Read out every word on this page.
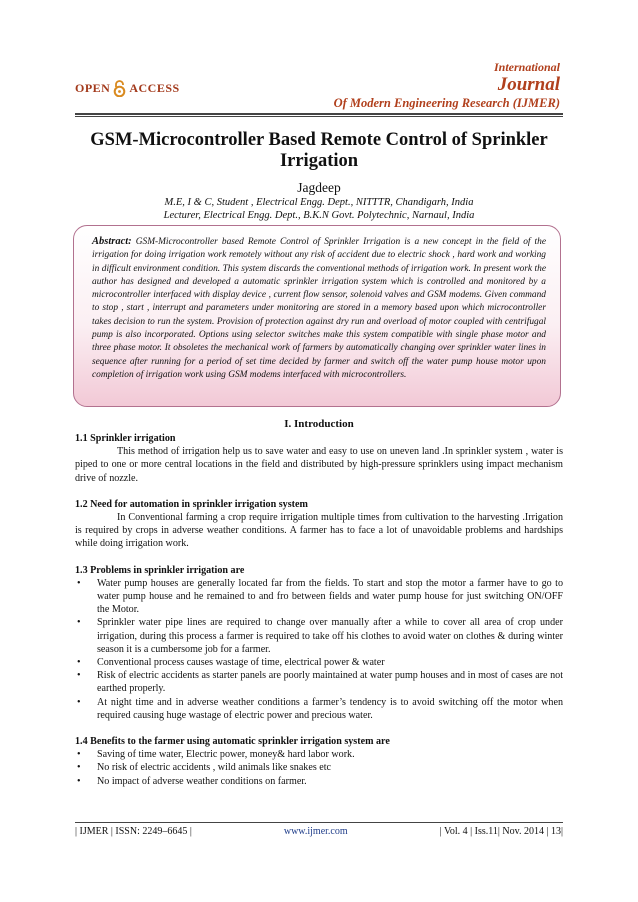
OPEN ACCESS
International
Journal
Of Modern Engineering Research (IJMER)
GSM-Microcontroller Based Remote Control of Sprinkler Irrigation
Jagdeep
M.E, I & C, Student , Electrical Engg. Dept., NITTTR, Chandigarh, India
Lecturer, Electrical Engg. Dept., B.K.N Govt. Polytechnic, Narnaul, India
Abstract: GSM-Microcontroller based Remote Control of Sprinkler Irrigation is a new concept in the field of the irrigation for doing irrigation work remotely without any risk of accident due to electric shock , hard work and working in difficult environment condition. This system discards the conventional methods of irrigation work. In present work the author has designed and developed a automatic sprinkler irrigation system which is controlled and monitored by a microcontroller interfaced with display device , current flow sensor, solenoid valves and GSM modems. Given command to stop , start , interrupt and parameters under monitoring are stored in a memory based upon which microcontroller takes decision to run the system. Provision of protection against dry run and overload of motor coupled with centrifugal pump is also incorporated. Options using selector switches make this system compatible with single phase motor and three phase motor. It obsoletes the mechanical work of farmers by automatically changing over sprinkler water lines in sequence after running for a period of set time decided by farmer and switch off the water pump house motor upon completion of irrigation work using GSM modems interfaced with microcontrollers.
I. Introduction
1.1 Sprinkler irrigation

This method of irrigation help us to save water and easy to use on uneven land .In sprinkler system , water is piped to one or more central locations in the field and distributed by high-pressure sprinklers using impact mechanism drive of nozzle.

1.2 Need for automation in sprinkler irrigation system

In Conventional farming a crop require irrigation multiple times from cultivation to the harvesting .Irrigation is required by crops in adverse weather conditions. A farmer has to face a lot of unavoidable problems and hardships while doing irrigation work.

1.3 Problems in sprinkler irrigation are
• Water pump houses are generally located far from the fields. To start and stop the motor a farmer have to go to water pump house and he remained to and fro between fields and water pump house for just switching ON/OFF the Motor.
• Sprinkler water pipe lines are required to change over manually after a while to cover all area of crop under irrigation, during this process a farmer is required to take off his clothes to avoid water on clothes & during winter season it is a cumbersome job for a farmer.
• Conventional process causes wastage of time, electrical power & water
• Risk of electric accidents as starter panels are poorly maintained at water pump houses and in most of cases are not earthed properly.
• At night time and in adverse weather conditions a farmer’s tendency is to avoid switching off the motor when required causing huge wastage of electric power and precious water.
1.4 Benefits to the farmer using automatic sprinkler irrigation system are
• Saving of time water, Electric power, money& hard labor work.
• No risk of electric accidents , wild animals like snakes etc
• No impact of adverse weather conditions on farmer.
| IJMER | ISSN: 2249–6645 |	www.ijmer.com	| Vol. 4 | Iss.11| Nov. 2014 | 13|
